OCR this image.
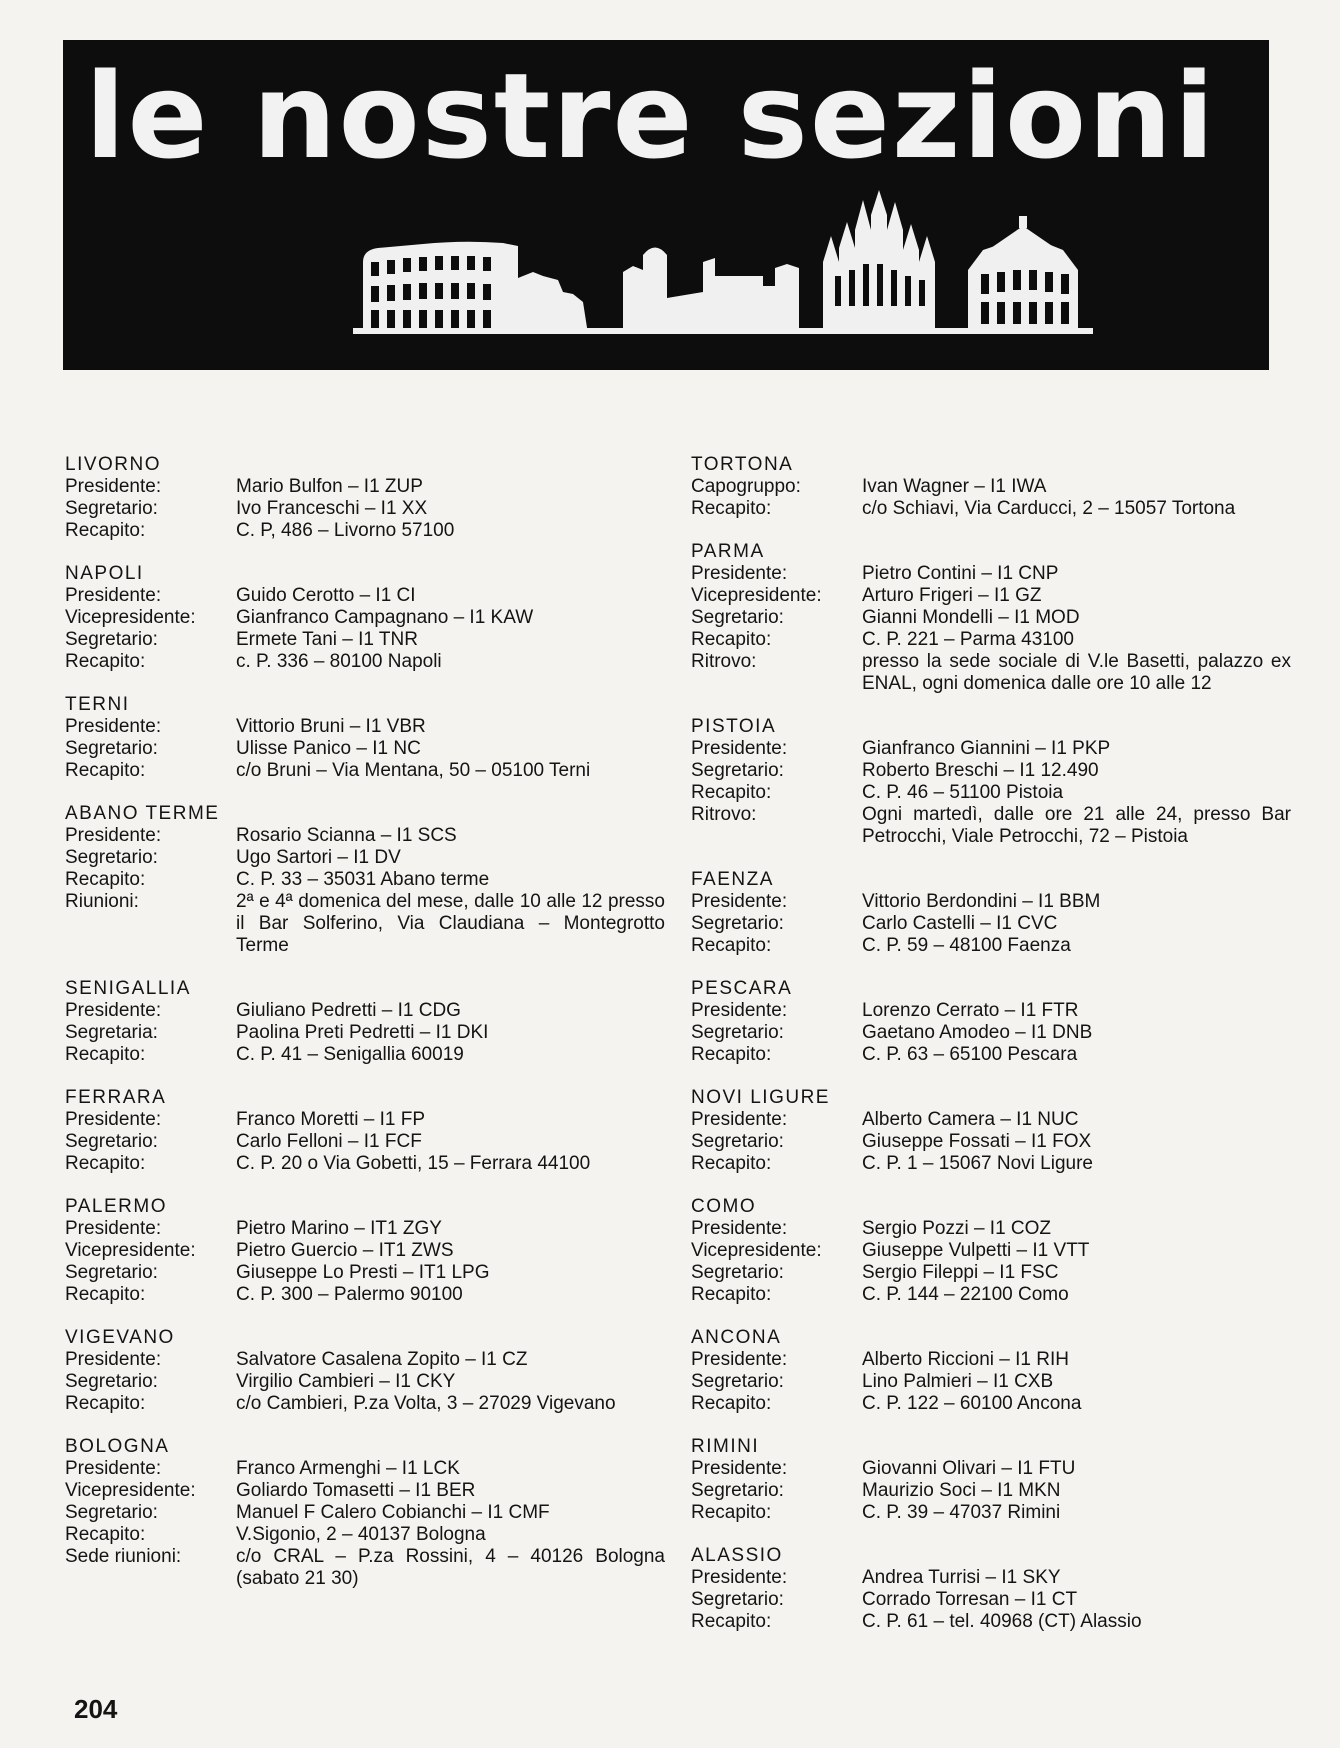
le nostre sezioni
LIVORNO
Presidente:	Mario Bulfon – I1 ZUP
Segretario:	Ivo Franceschi – I1 XX
Recapito:	C. P, 486 – Livorno 57100
NAPOLI
Presidente:	Guido Cerotto – I1 CI
Vicepresidente:	Gianfranco Campagnano – I1 KAW
Segretario:	Ermete Tani – I1 TNR
Recapito:	c. P. 336 – 80100 Napoli
TERNI
Presidente:	Vittorio Bruni – I1 VBR
Segretario:	Ulisse Panico – I1 NC
Recapito:	c/o Bruni – Via Mentana, 50 – 05100 Terni
ABANO TERME
Presidente:	Rosario Scianna – I1 SCS
Segretario:	Ugo Sartori – I1 DV
Recapito:	C. P. 33 – 35031 Abano terme
Riunioni:	2ª e 4ª domenica del mese, dalle 10 alle 12 presso il Bar Solferino, Via Claudiana – Montegrotto Terme
SENIGALLIA
Presidente:	Giuliano Pedretti – I1 CDG
Segretaria:	Paolina Preti Pedretti – I1 DKI
Recapito:	C. P. 41 – Senigallia 60019
FERRARA
Presidente:	Franco Moretti – I1 FP
Segretario:	Carlo Felloni – I1 FCF
Recapito:	C. P. 20 o Via Gobetti, 15 – Ferrara 44100
PALERMO
Presidente:	Pietro Marino – IT1 ZGY
Vicepresidente:	Pietro Guercio – IT1 ZWS
Segretario:	Giuseppe Lo Presti – IT1 LPG
Recapito:	C. P. 300 – Palermo 90100
VIGEVANO
Presidente:	Salvatore Casalena Zopito – I1 CZ
Segretario:	Virgilio Cambieri – I1 CKY
Recapito:	c/o Cambieri, P.za Volta, 3 – 27029 Vigevano
BOLOGNA
Presidente:	Franco Armenghi – I1 LCK
Vicepresidente:	Goliardo Tomasetti – I1 BER
Segretario:	Manuel F Calero Cobianchi – I1 CMF
Recapito:	V.Sigonio, 2 – 40137 Bologna
Sede riunioni:	c/o CRAL – P.za Rossini, 4 – 40126 Bologna (sabato 21 30)
TORTONA
Capogruppo:	Ivan Wagner – I1 IWA
Recapito:	c/o Schiavi, Via Carducci, 2 – 15057 Tortona
PARMA
Presidente:	Pietro Contini – I1 CNP
Vicepresidente:	Arturo Frigeri – I1 GZ
Segretario:	Gianni Mondelli – I1 MOD
Recapito:	C. P. 221 – Parma 43100
Ritrovo:	presso la sede sociale di V.le Basetti, palazzo ex ENAL, ogni domenica dalle ore 10 alle 12
PISTOIA
Presidente:	Gianfranco Giannini – I1 PKP
Segretario:	Roberto Breschi – I1 12.490
Recapito:	C. P. 46 – 51100 Pistoia
Ritrovo:	Ogni martedì, dalle ore 21 alle 24, presso Bar Petrocchi, Viale Petrocchi, 72 – Pistoia
FAENZA
Presidente:	Vittorio Berdondini – I1 BBM
Segretario:	Carlo Castelli – I1 CVC
Recapito:	C. P. 59 – 48100 Faenza
PESCARA
Presidente:	Lorenzo Cerrato – I1 FTR
Segretario:	Gaetano Amodeo – I1 DNB
Recapito:	C. P. 63 – 65100 Pescara
NOVI LIGURE
Presidente:	Alberto Camera – I1 NUC
Segretario:	Giuseppe Fossati – I1 FOX
Recapito:	C. P. 1 – 15067 Novi Ligure
COMO
Presidente:	Sergio Pozzi – I1 COZ
Vicepresidente:	Giuseppe Vulpetti – I1 VTT
Segretario:	Sergio Fileppi – I1 FSC
Recapito:	C. P. 144 – 22100 Como
ANCONA
Presidente:	Alberto Riccioni – I1 RIH
Segretario:	Lino Palmieri – I1 CXB
Recapito:	C. P. 122 – 60100 Ancona
RIMINI
Presidente:	Giovanni Olivari – I1 FTU
Segretario:	Maurizio Soci – I1 MKN
Recapito:	C. P. 39 – 47037 Rimini
ALASSIO
Presidente:	Andrea Turrisi – I1 SKY
Segretario:	Corrado Torresan – I1 CT
Recapito:	C. P. 61 – tel. 40968 (CT) Alassio
204
